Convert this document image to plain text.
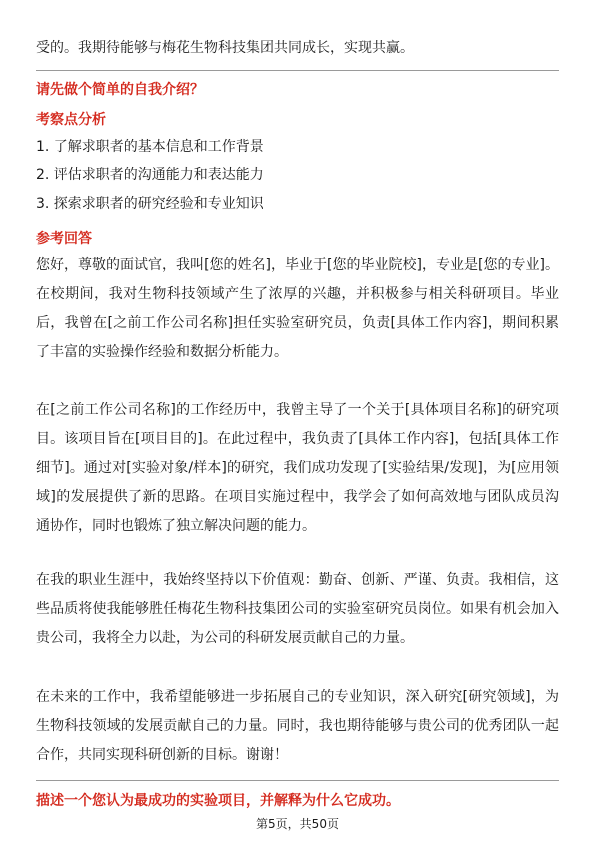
受的。我期待能够与梅花生物科技集团共同成长，实现共赢。

请先做个简单的自我介绍？

考察点分析

1. 了解求职者的基本信息和工作背景
2. 评估求职者的沟通能力和表达能力
3. 探索求职者的研究经验和专业知识

参考回答

您好，尊敬的面试官，我叫[您的姓名]，毕业于[您的毕业院校]，专业是[您的专业]。在校期间，我对生物科技领域产生了浓厚的兴趣，并积极参与相关科研项目。毕业后，我曾在[之前工作公司名称]担任实验室研究员，负责[具体工作内容]，期间积累了丰富的实验操作经验和数据分析能力。

在[之前工作公司名称]的工作经历中，我曾主导了一个关于[具体项目名称]的研究项目。该项目旨在[项目目的]。在此过程中，我负责了[具体工作内容]，包括[具体工作细节]。通过对[实验对象/样本]的研究，我们成功发现了[实验结果/发现]，为[应用领域]的发展提供了新的思路。在项目实施过程中，我学会了如何高效地与团队成员沟通协作，同时也锻炼了独立解决问题的能力。

在我的职业生涯中，我始终坚持以下价值观：勤奋、创新、严谨、负责。我相信，这些品质将使我能够胜任梅花生物科技集团公司的实验室研究员岗位。如果有机会加入贵公司，我将全力以赴，为公司的科研发展贡献自己的力量。

在未来的工作中，我希望能够进一步拓展自己的专业知识，深入研究[研究领域]，为生物科技领域的发展贡献自己的力量。同时，我也期待能够与贵公司的优秀团队一起合作，共同实现科研创新的目标。谢谢！

描述一个您认为最成功的实验项目，并解释为什么它成功。

第5页，共50页
